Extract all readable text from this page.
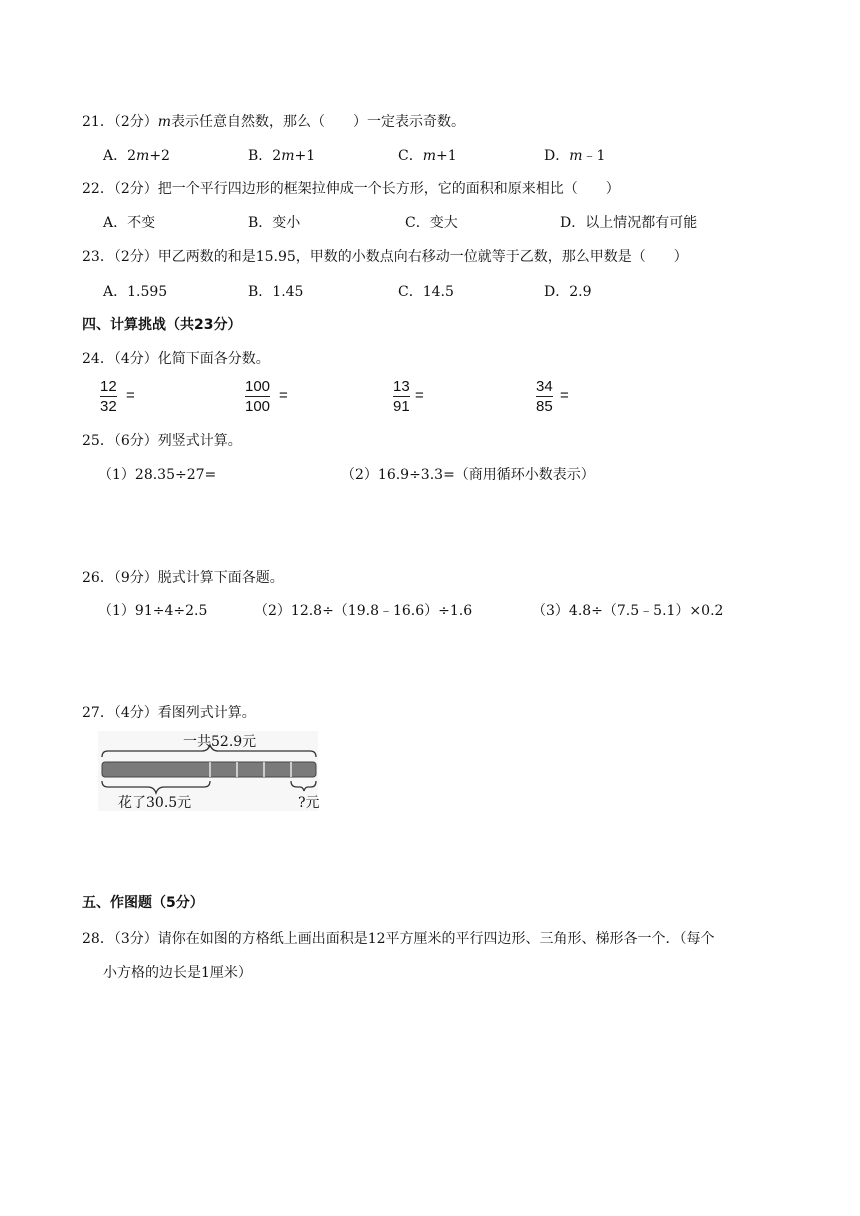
21．（2分）m表示任意自然数，那么（　　）一定表示奇数。
A．2m+2	B．2m+1	C．m+1	D．m﹣1
22．（2分）把一个平行四边形的框架拉伸成一个长方形，它的面积和原来相比（　　）
A．不变	B．变小	C．变大	D．以上情况都有可能
23．（2分）甲乙两数的和是15.95，甲数的小数点向右移动一位就等于乙数，那么甲数是（　　）
A．1.595	B．1.45	C．14.5	D．2.9
四、计算挑战（共23分）
24．（4分）化简下面各分数。
12
32
=
100
100
=
13
91
=
34
85
=
25．（6分）列竖式计算。
（1）28.35÷27=	（2）16.9÷3.3=（商用循环小数表示）
26．（9分）脱式计算下面各题。
（1）91÷4÷2.5	（2）12.8÷（19.8﹣16.6）÷1.6	（3）4.8÷（7.5﹣5.1）×0.2
27．（4分）看图列式计算。
一共52.9元
花了30.5元	?元
五、作图题（5分）
28．（3分）请你在如图的方格纸上画出面积是12平方厘米的平行四边形、三角形、梯形各一个．（每个
小方格的边长是1厘米）
